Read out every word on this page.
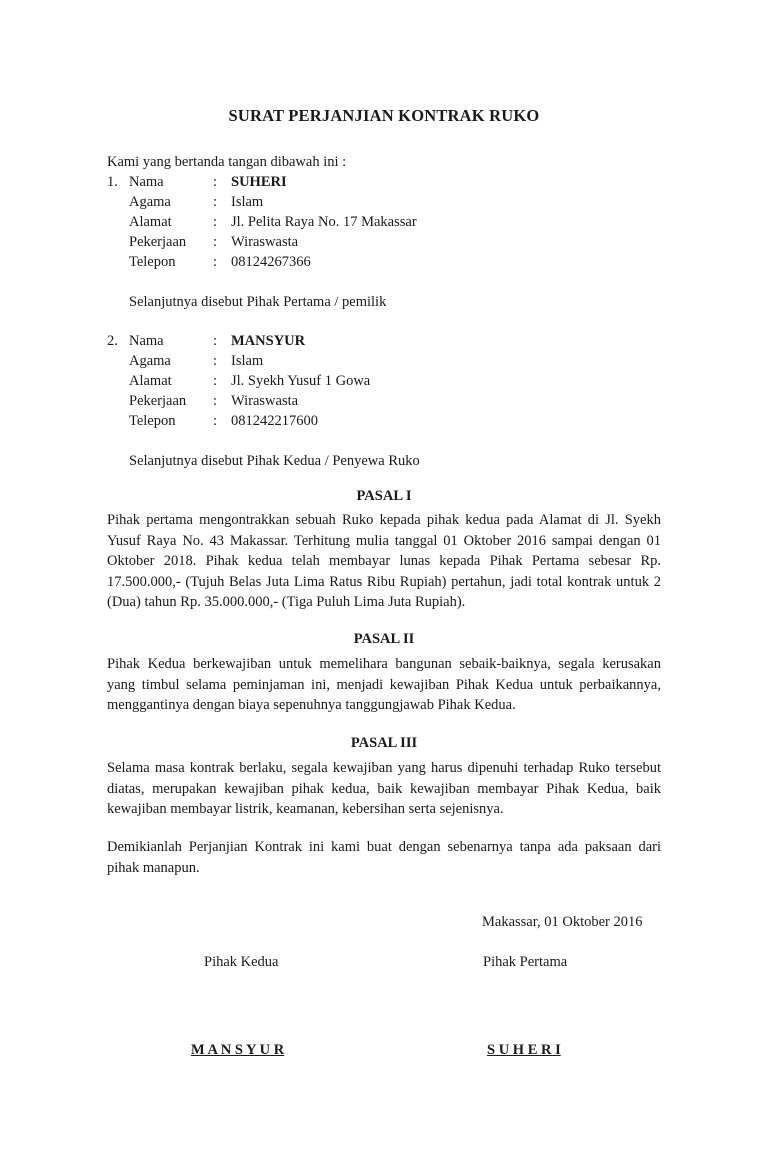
SURAT PERJANJIAN KONTRAK RUKO
Kami yang bertanda tangan dibawah ini :
1. Nama	: SUHERI
Agama	: Islam
Alamat	: Jl. Pelita Raya No. 17 Makassar
Pekerjaan : Wiraswasta
Telepon	: 08124267366
Selanjutnya disebut Pihak Pertama / pemilik
2. Nama	: MANSYUR
Agama	: Islam
Alamat	: Jl. Syekh Yusuf 1 Gowa
Pekerjaan : Wiraswasta
Telepon	: 081242217600
Selanjutnya disebut Pihak Kedua / Penyewa Ruko
PASAL I
Pihak pertama mengontrakkan sebuah Ruko kepada pihak kedua pada Alamat di Jl. Syekh Yusuf Raya No. 43 Makassar. Terhitung mulia tanggal 01 Oktober 2016 sampai dengan 01 Oktober 2018. Pihak kedua telah membayar lunas kepada Pihak Pertama sebesar Rp. 17.500.000,- (Tujuh Belas Juta Lima Ratus Ribu Rupiah) pertahun, jadi total kontrak untuk 2 (Dua) tahun Rp. 35.000.000,- (Tiga Puluh Lima Juta Rupiah).
PASAL II
Pihak Kedua berkewajiban untuk memelihara bangunan sebaik-baiknya, segala kerusakan yang timbul selama peminjaman ini, menjadi kewajiban Pihak Kedua untuk perbaikannya, menggantinya dengan biaya sepenuhnya tanggungjawab Pihak Kedua.
PASAL III
Selama masa kontrak berlaku, segala kewajiban yang harus dipenuhi terhadap Ruko tersebut diatas, merupakan kewajiban pihak kedua, baik kewajiban membayar Pihak Kedua, baik kewajiban membayar listrik, keamanan, kebersihan serta sejenisnya.
Demikianlah Perjanjian Kontrak ini kami buat dengan sebenarnya tanpa ada paksaan dari pihak manapun.
Makassar, 01 Oktober 2016
Pihak Kedua	Pihak Pertama
M A N S Y U R	S U H E R I
